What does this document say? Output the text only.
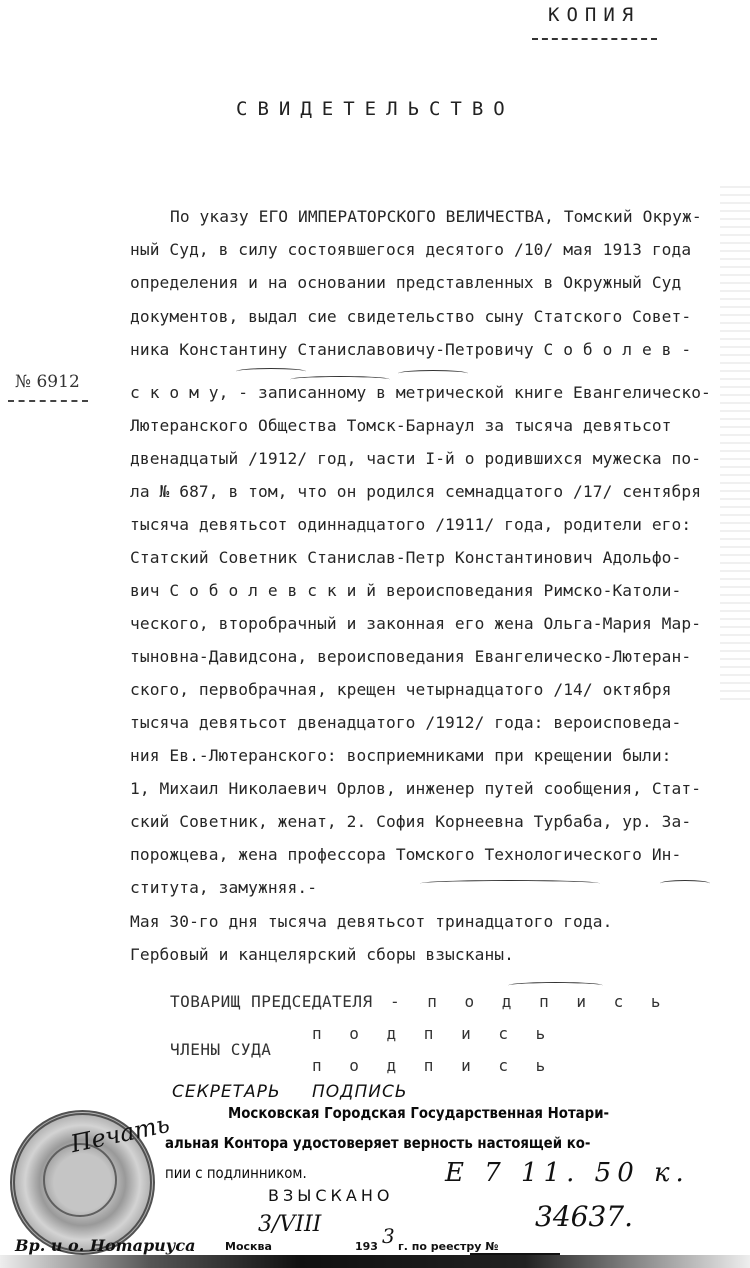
КОПИЯ
СВИДЕТЕЛЬСТВО
№ 6912
По указу ЕГО ИМПЕРАТОРСКОГО ВЕЛИЧЕСТВА, Томский Окруж-
ный Суд, в силу состоявшегося десятого /10/ мая 1913 года
определения и на основании представленных в Окружный Суд
документов, выдал сие свидетельство сыну Статского Совет-
ника Константину Станиславовичу-Петровичу С о б о л е в -
с к о м у, - записанному в метрической книге Евангелическо-
Лютеранского Общества Томск-Барнаул за тысяча девятьсот
двенадцатый /1912/ год, части I-й о родившихся мужеска по-
ла № 687, в том, что он родился семнадцатого /17/ сентября
тысяча девятьсот одиннадцатого /1911/ года, родители его:
Статский Советник Станислав-Петр Константинович Адольфо-
вич С о б о л е в с к и й вероисповедания Римско-Католи-
ческого, второбрачный и законная его жена Ольга-Мария Мар-
тыновна-Давидсона, вероисповедания Евангелическо-Лютеран-
ского, первобрачная, крещен четырнадцатого /14/ октября
тысяча девятьсот двенадцатого /1912/ года: вероисповеда-
ния Ев.-Лютеранского: восприемниками при крещении были:
1, Михаил Николаевич Орлов, инженер путей сообщения, Стат-
ский Советник, женат, 2. София Корнеевна Турбаба, ур. За-
порожцева, жена профессора Томского Технологического Ин-
ститута, замужняя.-
Мая 30-го дня тысяча девятьсот тринадцатого года.
Гербовый и канцелярский сборы взысканы.
ТОВАРИЩ ПРЕДСЕДАТЕЛЯ - п о д п и с ь
п о д п и с ь
ЧЛЕНЫ СУДА
п о д п и с ь
СЕКРЕТАРЬ ПОДПИСЬ
Печать	Московская Городская Государственная Нотари-
альная Контора удостоверяет верность настоящей ко-
пии с подлинником.	Е 7 11. 50 к.
ВЗЫСКАНО
34637.
Вр. и о. Нотариуса	Москва
3/VIII
193 3 г. по реестру №
